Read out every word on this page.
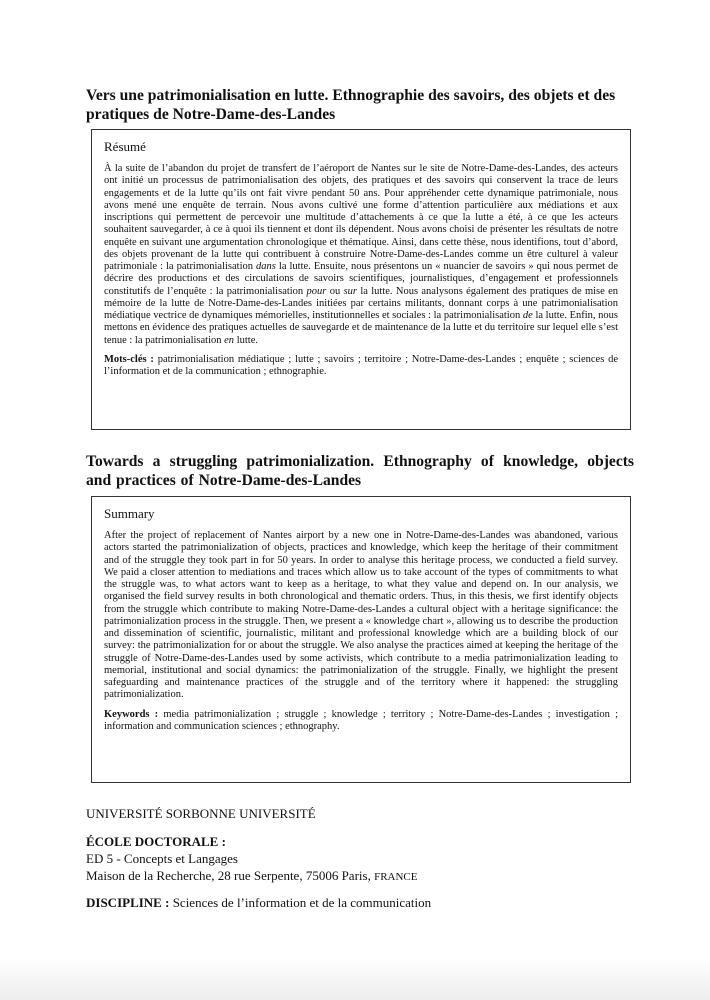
Vers une patrimonialisation en lutte. Ethnographie des savoirs, des objets et des pratiques de Notre-Dame-des-Landes

Résumé

À la suite de l’abandon du projet de transfert de l’aéroport de Nantes sur le site de Notre-Dame-des-Landes, des acteurs ont initié un processus de patrimonialisation des objets, des pratiques et des savoirs qui conservent la trace de leurs engagements et de la lutte qu’ils ont fait vivre pendant 50 ans. Pour appréhender cette dynamique patrimoniale, nous avons mené une enquête de terrain. Nous avons cultivé une forme d’attention particulière aux médiations et aux inscriptions qui permettent de percevoir une multitude d’attachements à ce que la lutte a été, à ce que les acteurs souhaitent sauvegarder, à ce à quoi ils tiennent et dont ils dépendent. Nous avons choisi de présenter les résultats de notre enquête en suivant une argumentation chronologique et thématique. Ainsi, dans cette thèse, nous identifions, tout d’abord, des objets provenant de la lutte qui contribuent à construire Notre-Dame-des-Landes comme un être culturel à valeur patrimoniale : la patrimonialisation dans la lutte. Ensuite, nous présentons un « nuancier de savoirs » qui nous permet de décrire des productions et des circulations de savoirs scientifiques, journalistiques, d’engagement et professionnels constitutifs de l’enquête : la patrimonialisation pour ou sur la lutte. Nous analysons également des pratiques de mise en mémoire de la lutte de Notre-Dame-des-Landes initiées par certains militants, donnant corps à une patrimonialisation médiatique vectrice de dynamiques mémorielles, institutionnelles et sociales : la patrimonialisation de la lutte. Enfin, nous mettons en évidence des pratiques actuelles de sauvegarde et de maintenance de la lutte et du territoire sur lequel elle s’est tenue : la patrimonialisation en lutte.

Mots-clés : patrimonialisation médiatique ; lutte ; savoirs ; territoire ; Notre-Dame-des-Landes ; enquête ; sciences de l’information et de la communication ; ethnographie.

Towards a struggling patrimonialization. Ethnography of knowledge, objects and practices of Notre-Dame-des-Landes

Summary

After the project of replacement of Nantes airport by a new one in Notre-Dame-des-Landes was abandoned, various actors started the patrimonialization of objects, practices and knowledge, which keep the heritage of their commitment and of the struggle they took part in for 50 years. In order to analyse this heritage process, we conducted a field survey. We paid a closer attention to mediations and traces which allow us to take account of the types of commitments to what the struggle was, to what actors want to keep as a heritage, to what they value and depend on. In our analysis, we organised the field survey results in both chronological and thematic orders. Thus, in this thesis, we first identify objects from the struggle which contribute to making Notre-Dame-des-Landes a cultural object with a heritage significance: the patrimonialization process in the struggle. Then, we present a « knowledge chart », allowing us to describe the production and dissemination of scientific, journalistic, militant and professional knowledge which are a building block of our survey: the patrimonialization for or about the struggle. We also analyse the practices aimed at keeping the heritage of the struggle of Notre-Dame-des-Landes used by some activists, which contribute to a media patrimonialization leading to memorial, institutional and social dynamics: the patrimonialization of the struggle. Finally, we highlight the present safeguarding and maintenance practices of the struggle and of the territory where it happened: the struggling patrimonialization.

Keywords : media patrimonialization ; struggle ; knowledge ; territory ; Notre-Dame-des-Landes ; investigation ; information and communication sciences ; ethnography.

UNIVERSITÉ SORBONNE UNIVERSITÉ

ÉCOLE DOCTORALE :

ED 5 - Concepts et Langages

Maison de la Recherche, 28 rue Serpente, 75006 Paris, FRANCE

DISCIPLINE : Sciences de l’information et de la communication
